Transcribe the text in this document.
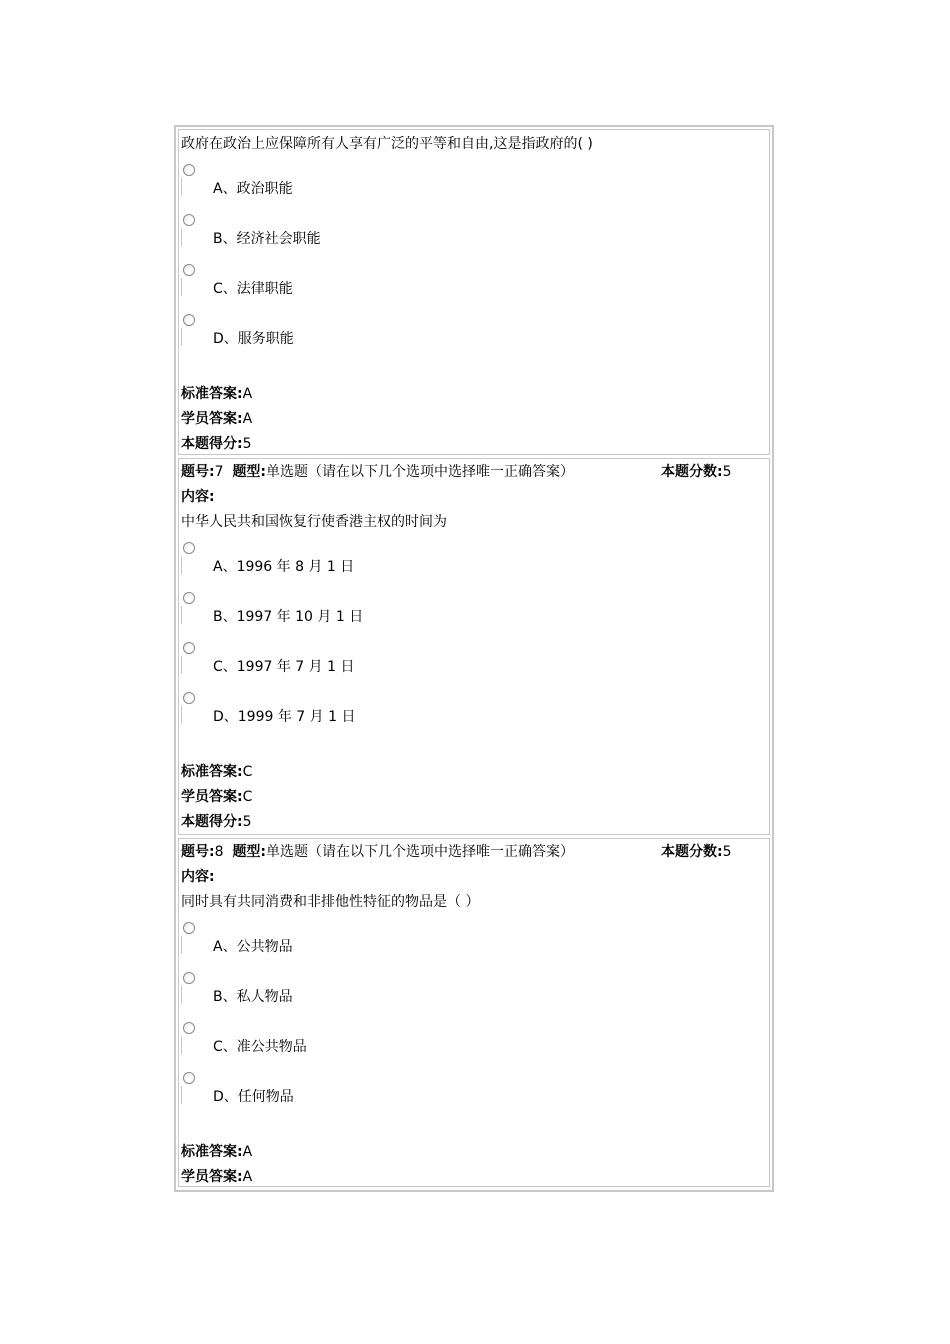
政府在政治上应保障所有人享有广泛的平等和自由,这是指政府的( )
A、政治职能
B、经济社会职能
C、法律职能
D、服务职能
标准答案:A
学员答案:A
本题得分:5
题号:7 题型:单选题（请在以下几个选项中选择唯一正确答案）	本题分数:5
内容:
中华人民共和国恢复行使香港主权的时间为
A、1996 年 8 月 1 日
B、1997 年 10 月 1 日
C、1997 年 7 月 1 日
D、1999 年 7 月 1 日
标准答案:C
学员答案:C
本题得分:5
题号:8 题型:单选题（请在以下几个选项中选择唯一正确答案）	本题分数:5
内容:
同时具有共同消费和非排他性特征的物品是（ ）
A、公共物品
B、私人物品
C、准公共物品
D、任何物品
标准答案:A
学员答案:A
